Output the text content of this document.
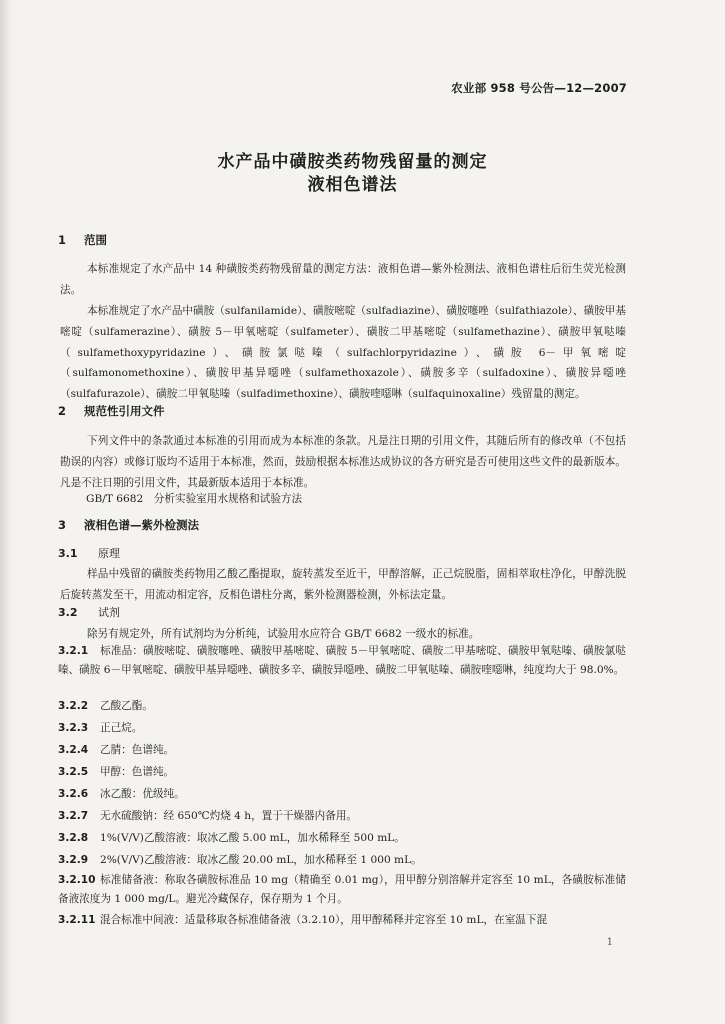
农业部 958 号公告—12—2007
水产品中磺胺类药物残留量的测定
液相色谱法
1 范围
本标准规定了水产品中 14 种磺胺类药物残留量的测定方法：液相色谱—紫外检测法、液相色谱柱后衍生荧光检测法。
本标准规定了水产品中磺胺（sulfanilamide）、磺胺嘧啶（sulfadiazine）、磺胺噻唑（sulfathiazole）、磺胺甲基嘧啶（sulfamerazine）、磺胺 5－甲氧嘧啶（sulfameter）、磺胺二甲基嘧啶（sulfamethazine）、磺胺甲氧哒嗪（sulfamethoxypyridazine）、磺胺氯哒嗪（sulfachlorpyridazine）、磺胺 6－甲氧嘧啶（sulfamonomethoxine）、磺胺甲基异噁唑（sulfamethoxazole）、磺胺多辛（sulfadoxine）、磺胺异噁唑（sulfafurazole）、磺胺二甲氧哒嗪（sulfadimethoxine）、磺胺喹噁啉（sulfaquinoxaline）残留量的测定。
2 规范性引用文件
下列文件中的条款通过本标准的引用而成为本标准的条款。凡是注日期的引用文件，其随后所有的修改单（不包括勘误的内容）或修订版均不适用于本标准，然而，鼓励根据本标准达成协议的各方研究是否可使用这些文件的最新版本。凡是不注日期的引用文件，其最新版本适用于本标准。
GB/T 6682　分析实验室用水规格和试验方法
3 液相色谱—紫外检测法
3.1 原理
样品中残留的磺胺类药物用乙酸乙酯提取，旋转蒸发至近干，甲醇溶解，正己烷脱脂，固相萃取柱净化，甲醇洗脱后旋转蒸发至干，用流动相定容，反相色谱柱分离，紫外检测器检测，外标法定量。
3.2 试剂
除另有规定外，所有试剂均为分析纯，试验用水应符合 GB/T 6682 一级水的标准。
3.2.1 标准品：磺胺嘧啶、磺胺噻唑、磺胺甲基嘧啶、磺胺 5－甲氧嘧啶、磺胺二甲基嘧啶、磺胺甲氧哒嗪、磺胺氯哒嗪、磺胺 6－甲氧嘧啶、磺胺甲基异噁唑、磺胺多辛、磺胺异噁唑、磺胺二甲氧哒嗪、磺胺喹噁啉，纯度均大于 98.0%。
3.2.2 乙酸乙酯。
3.2.3 正己烷。
3.2.4 乙腈：色谱纯。
3.2.5 甲醇：色谱纯。
3.2.6 冰乙酸：优级纯。
3.2.7 无水硫酸钠：经 650℃灼烧 4 h，置于干燥器内备用。
3.2.8 1%(V/V)乙酸溶液：取冰乙酸 5.00 mL，加水稀释至 500 mL。
3.2.9 2%(V/V)乙酸溶液：取冰乙酸 20.00 mL，加水稀释至 1 000 mL。
3.2.10 标准储备液：称取各磺胺标准品 10 mg（精确至 0.01 mg），用甲醇分别溶解并定容至 10 mL，各磺胺标准储备液浓度为 1 000 mg/L。避光冷藏保存，保存期为 1 个月。
3.2.11 混合标准中间液：适量移取各标准储备液（3.2.10），用甲醇稀释并定容至 10 mL，在室温下混
1
